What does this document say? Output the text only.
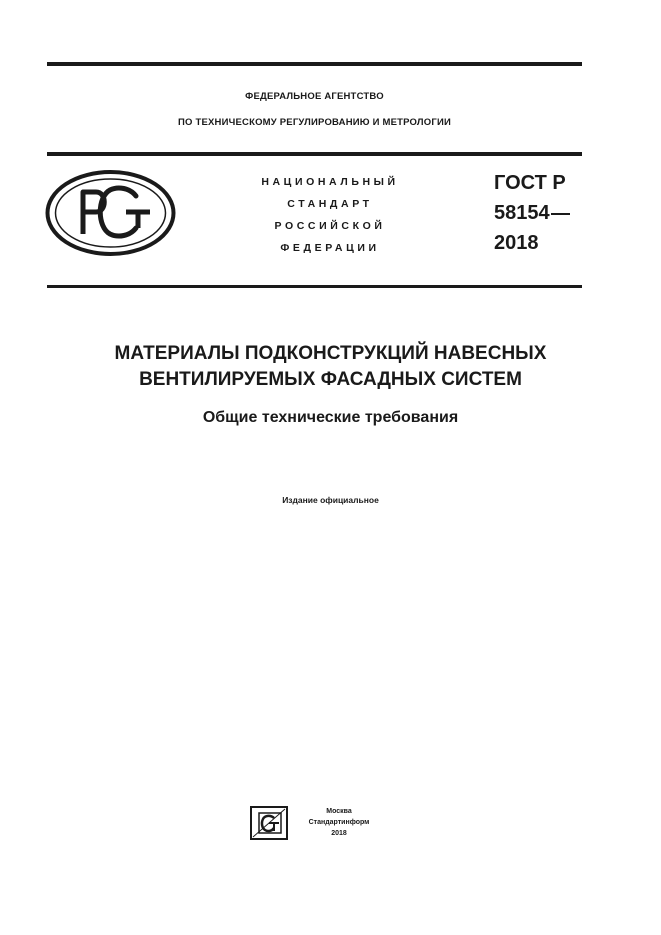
ФЕДЕРАЛЬНОЕ АГЕНТСТВО
ПО ТЕХНИЧЕСКОМУ РЕГУЛИРОВАНИЮ И МЕТРОЛОГИИ
НАЦИОНАЛЬНЫЙ
СТАНДАРТ
РОССИЙСКОЙ
ФЕДЕРАЦИИ
ГОСТ Р
58154
2018
МАТЕРИАЛЫ ПОДКОНСТРУКЦИЙ НАВЕСНЫХ
ВЕНТИЛИРУЕМЫХ ФАСАДНЫХ СИСТЕМ
Общие технические требования
Издание официальное
Москва
Стандартинформ
2018
